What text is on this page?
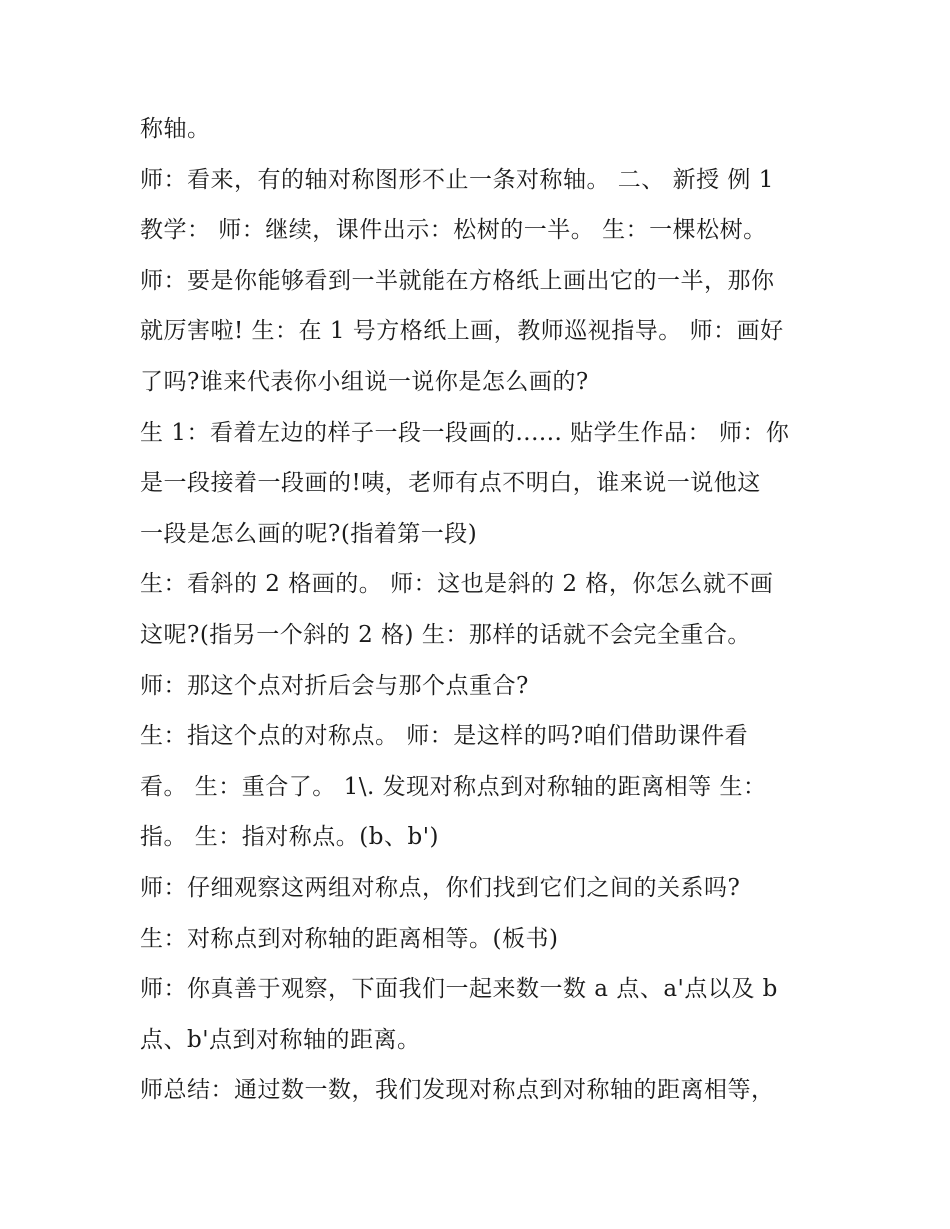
称轴。
师：看来，有的轴对称图形不止一条对称轴。 二、 新授 例 1
教学： 师：继续，课件出示：松树的一半。 生：一棵松树。
师：要是你能够看到一半就能在方格纸上画出它的一半，那你
就厉害啦! 生：在 1 号方格纸上画，教师巡视指导。 师：画好
了吗?谁来代表你小组说一说你是怎么画的?
生 1：看着左边的样子一段一段画的...... 贴学生作品： 师：你
是一段接着一段画的!咦，老师有点不明白，谁来说一说他这
一段是怎么画的呢?(指着第一段)
生：看斜的 2 格画的。 师：这也是斜的 2 格，你怎么就不画
这呢?(指另一个斜的 2 格) 生：那样的话就不会完全重合。
师：那这个点对折后会与那个点重合?
生：指这个点的对称点。 师：是这样的吗?咱们借助课件看
看。 生：重合了。 1\. 发现对称点到对称轴的距离相等 生：
指。 生：指对称点。(b、b')
师：仔细观察这两组对称点，你们找到它们之间的关系吗?
生：对称点到对称轴的距离相等。(板书)
师：你真善于观察，下面我们一起来数一数 a 点、a'点以及 b
点、b'点到对称轴的距离。
师总结：通过数一数，我们发现对称点到对称轴的距离相等，
